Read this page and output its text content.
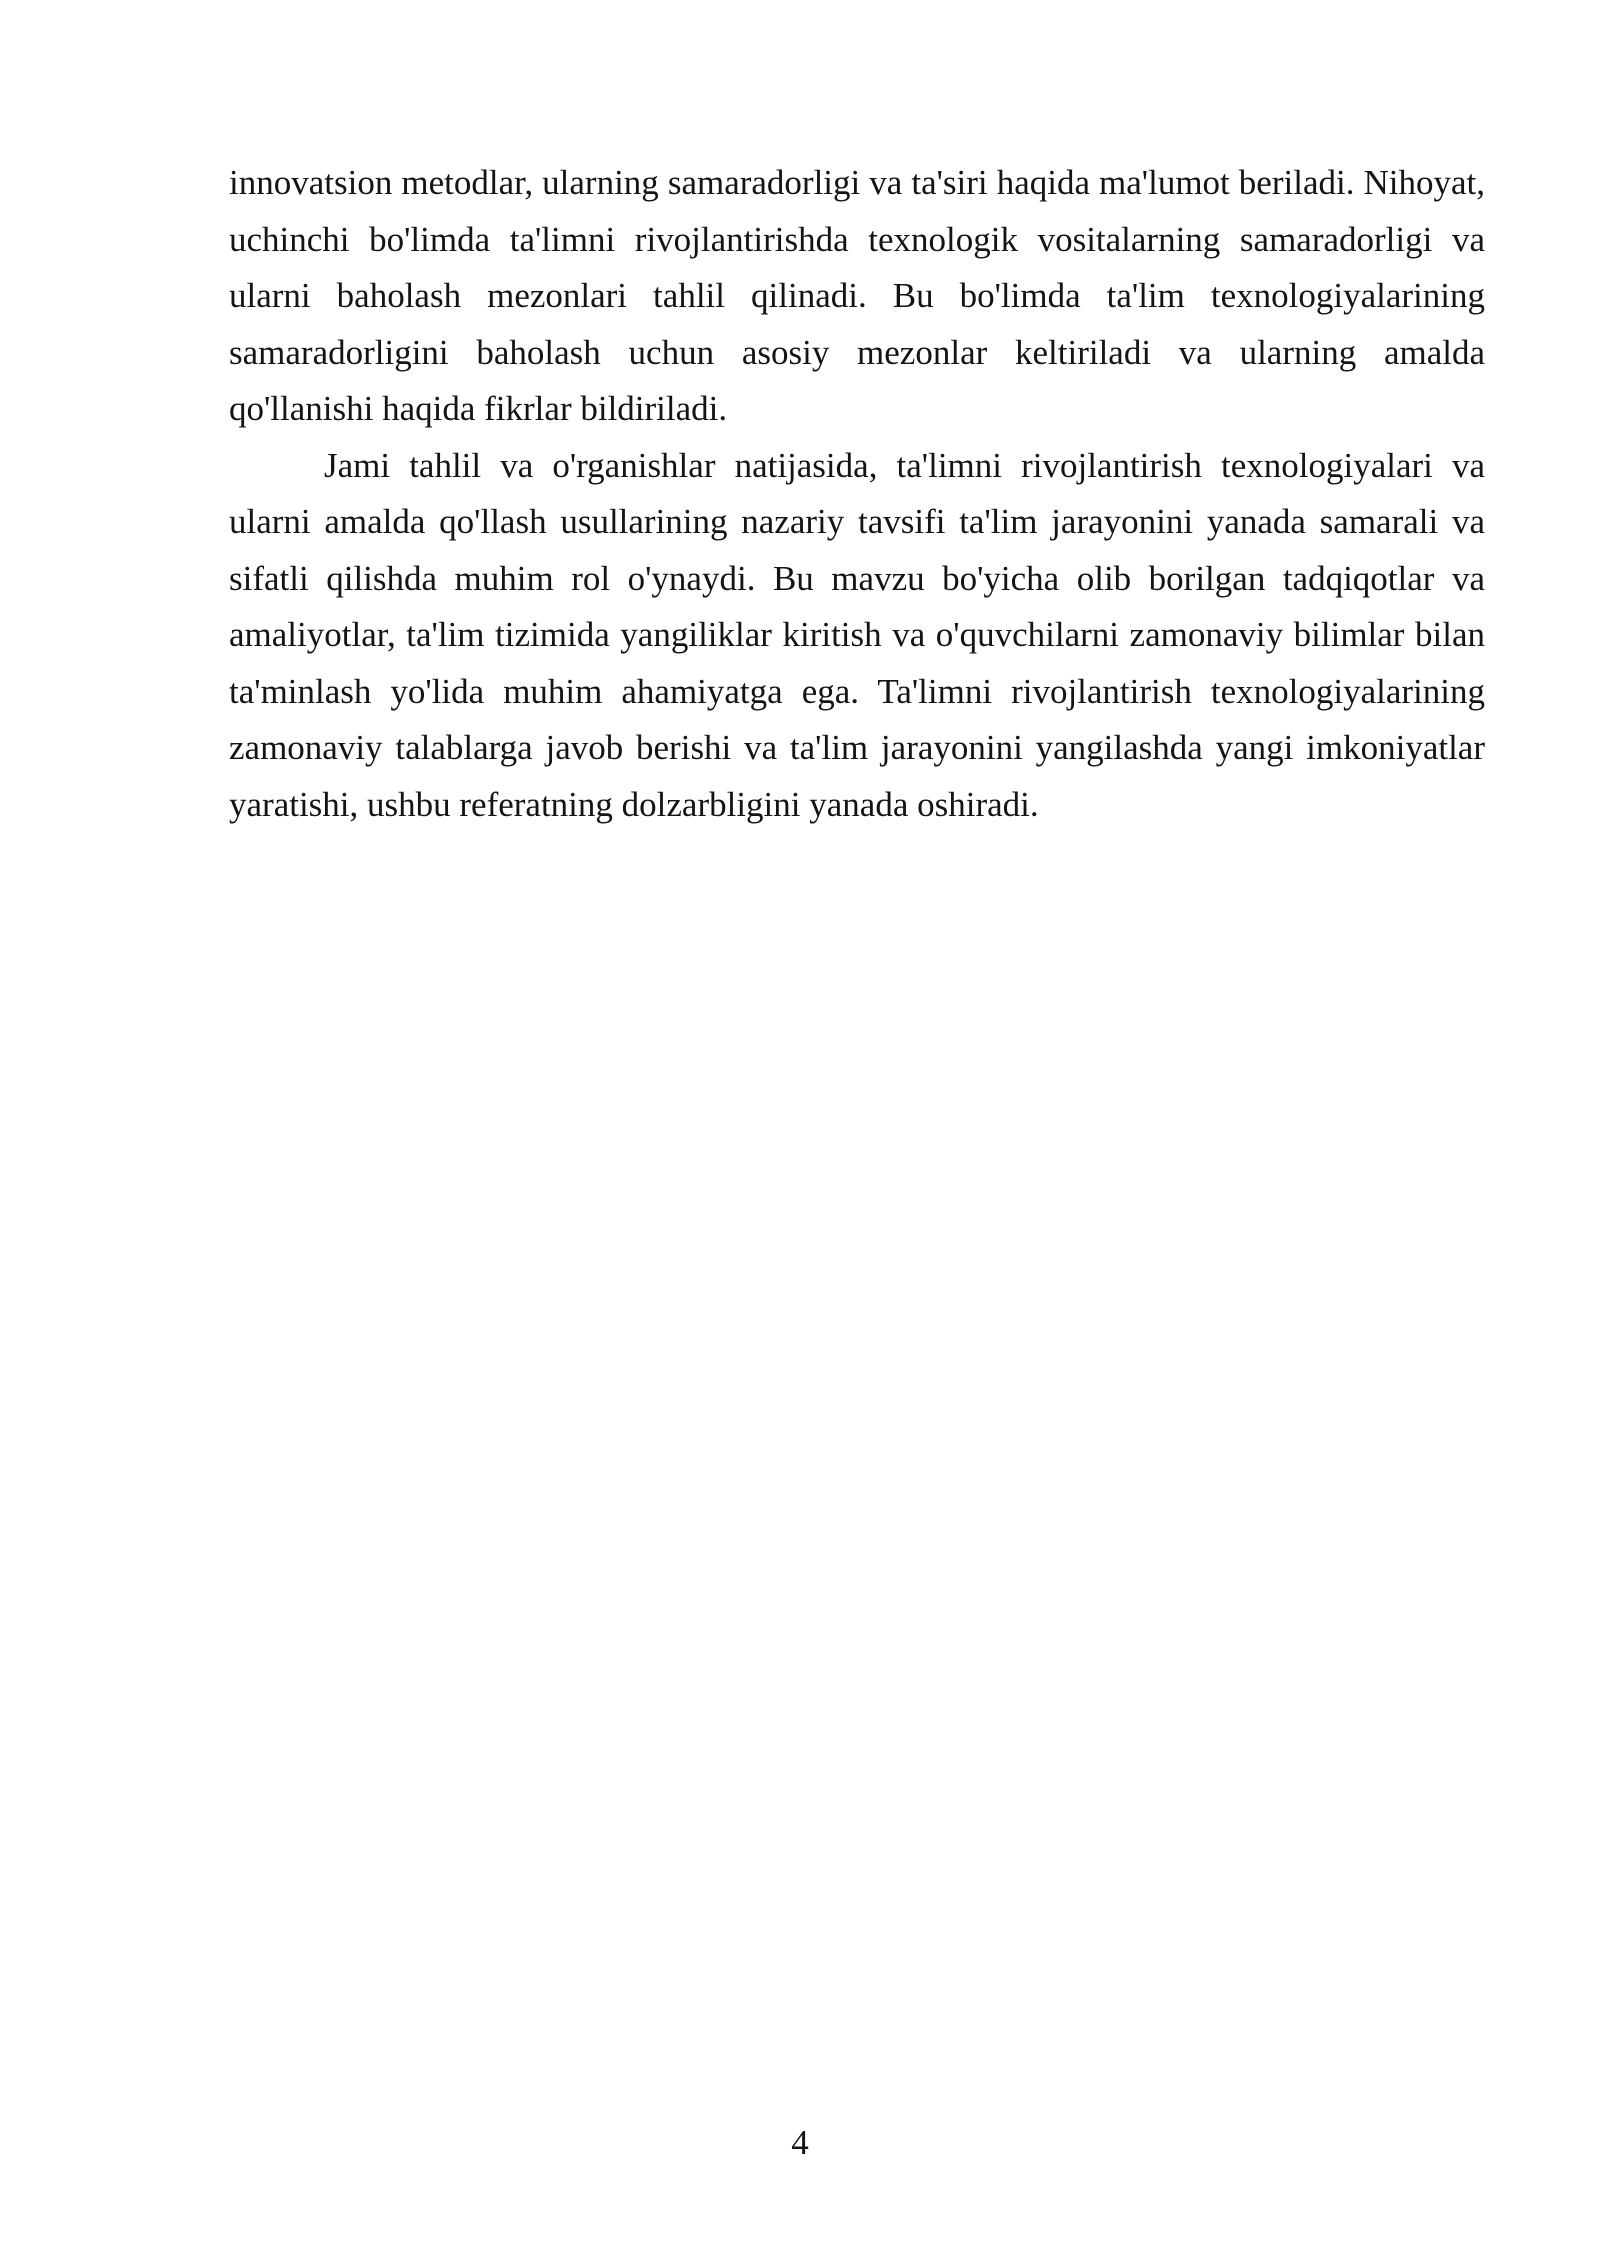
innovatsion metodlar, ularning samaradorligi va ta'siri haqida ma'lumot beriladi. Nihoyat, uchinchi bo'limda ta'limni rivojlantirishda texnologik vositalarning samaradorligi va ularni baholash mezonlari tahlil qilinadi. Bu bo'limda ta'lim texnologiyalarining samaradorligini baholash uchun asosiy mezonlar keltiriladi va ularning amalda qo'llanishi haqida fikrlar bildiriladi.

Jami tahlil va o'rganishlar natijasida, ta'limni rivojlantirish texnologiyalari va ularni amalda qo'llash usullarining nazariy tavsifi ta'lim jarayonini yanada samarali va sifatli qilishda muhim rol o'ynaydi. Bu mavzu bo'yicha olib borilgan tadqiqotlar va amaliyotlar, ta'lim tizimida yangiliklar kiritish va o'quvchilarni zamonaviy bilimlar bilan ta'minlash yo'lida muhim ahamiyatga ega. Ta'limni rivojlantirish texnologiyalarining zamonaviy talablarga javob berishi va ta'lim jarayonini yangilashda yangi imkoniyatlar yaratishi, ushbu referatning dolzarbligini yanada oshiradi.

4
